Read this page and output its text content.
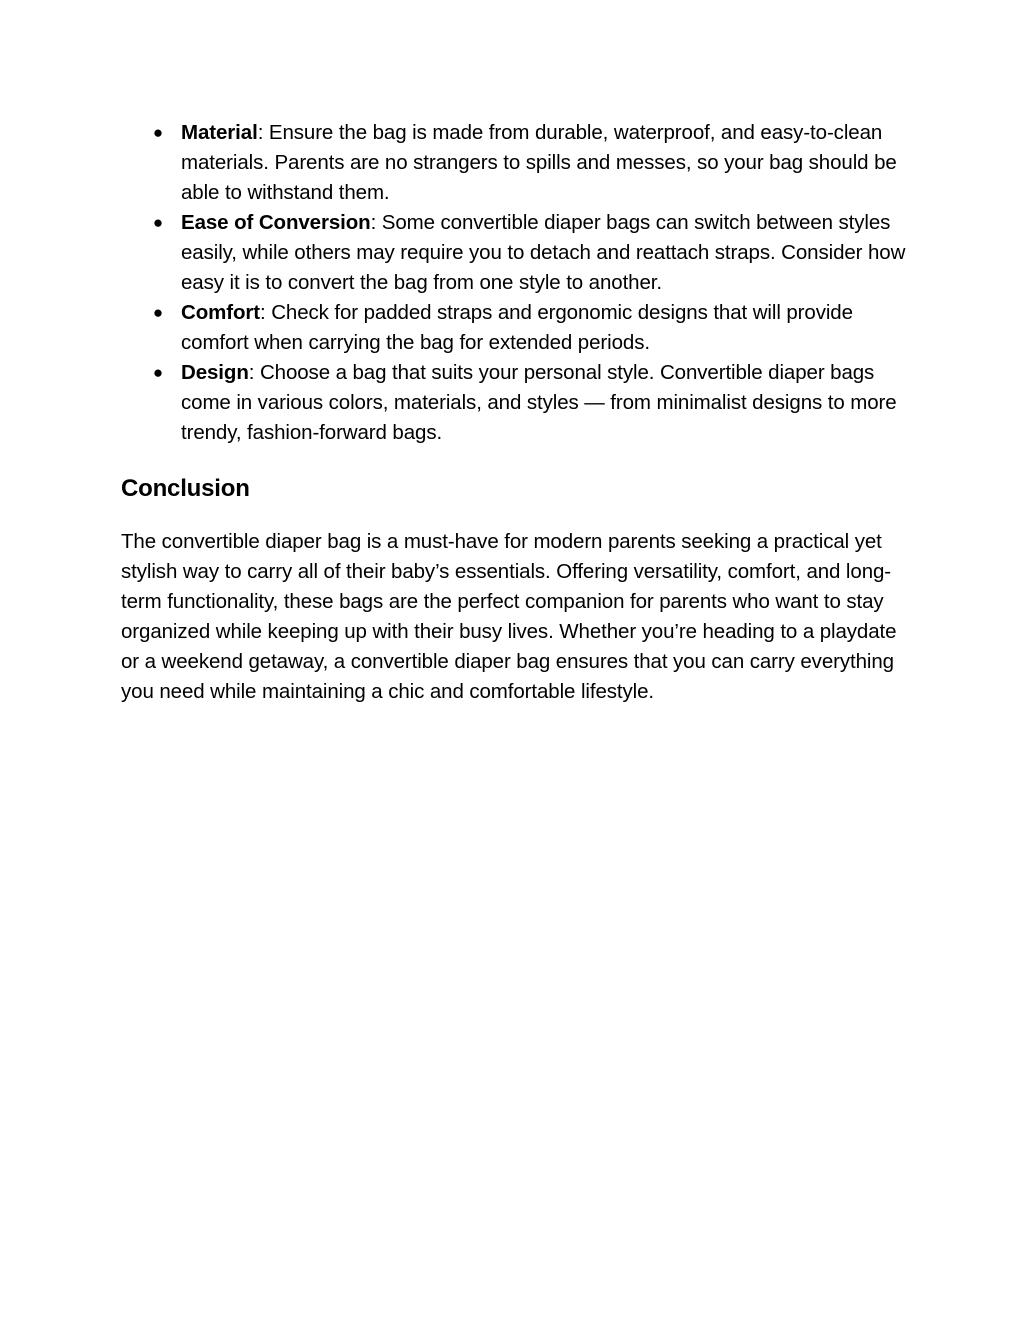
● Material: Ensure the bag is made from durable, waterproof, and easy-to-clean materials. Parents are no strangers to spills and messes, so your bag should be able to withstand them.
● Ease of Conversion: Some convertible diaper bags can switch between styles easily, while others may require you to detach and reattach straps. Consider how easy it is to convert the bag from one style to another.
● Comfort: Check for padded straps and ergonomic designs that will provide comfort when carrying the bag for extended periods.
● Design: Choose a bag that suits your personal style. Convertible diaper bags come in various colors, materials, and styles — from minimalist designs to more trendy, fashion-forward bags.
Conclusion

The convertible diaper bag is a must-have for modern parents seeking a practical yet stylish way to carry all of their baby’s essentials. Offering versatility, comfort, and long-term functionality, these bags are the perfect companion for parents who want to stay organized while keeping up with their busy lives. Whether you’re heading to a playdate or a weekend getaway, a convertible diaper bag ensures that you can carry everything you need while maintaining a chic and comfortable lifestyle.
